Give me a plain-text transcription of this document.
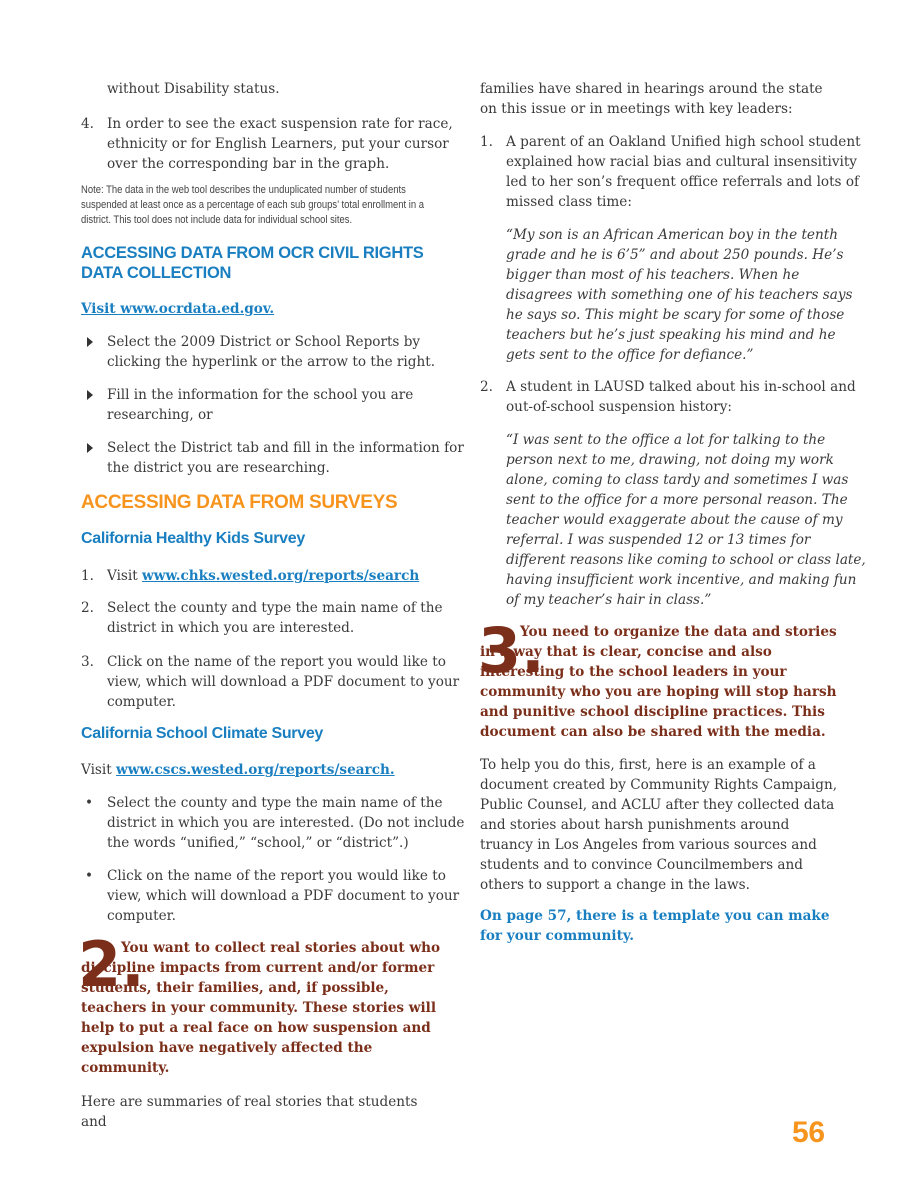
without Disability status.
4. In order to see the exact suspension rate for race, ethnicity or for English Learners, put your cursor over the corresponding bar in the graph.
Note: The data in the web tool describes the unduplicated number of students suspended at least once as a percentage of each sub groups’ total enrollment in a district. This tool does not include data for individual school sites.
ACCESSING DATA FROM OCR CIVIL RIGHTS DATA COLLECTION
Visit www.ocrdata.ed.gov.
Select the 2009 District or School Reports by clicking the hyperlink or the arrow to the right.
Fill in the information for the school you are researching, or
Select the District tab and fill in the information for the district you are researching.
ACCESSING DATA FROM SURVEYS
California Healthy Kids Survey
1. Visit www.chks.wested.org/reports/search
2. Select the county and type the main name of the district in which you are interested.
3. Click on the name of the report you would like to view, which will download a PDF document to your computer.
California School Climate Survey
Visit www.cscs.wested.org/reports/search.
• Select the county and type the main name of the district in which you are interested. (Do not include the words “unified,” “school,” or “district”.)
• Click on the name of the report you would like to view, which will download a PDF document to your computer.
2.
You want to collect real stories about who discipline impacts from current and/or former students, their families, and, if possible, teachers in your community. These stories will help to put a real face on how suspension and expulsion have negatively affected the community.
Here are summaries of real stories that students and
families have shared in hearings around the state on this issue or in meetings with key leaders:
1. A parent of an Oakland Unified high school student explained how racial bias and cultural insensitivity led to her son’s frequent office referrals and lots of missed class time:
“My son is an African American boy in the tenth grade and he is 6’5” and about 250 pounds. He’s bigger than most of his teachers. When he disagrees with something one of his teachers says he says so. This might be scary for some of those teachers but he’s just speaking his mind and he gets sent to the office for defiance.”
2. A student in LAUSD talked about his in-school and out-of-school suspension history:
“I was sent to the office a lot for talking to the person next to me, drawing, not doing my work alone, coming to class tardy and sometimes I was sent to the office for a more personal reason. The teacher would exaggerate about the cause of my referral. I was suspended 12 or 13 times for different reasons like coming to school or class late, having insufficient work incentive, and making fun of my teacher’s hair in class.”
3.
You need to organize the data and stories in a way that is clear, concise and also interesting to the school leaders in your community who you are hoping will stop harsh and punitive school discipline practices. This document can also be shared with the media.
To help you do this, first, here is an example of a document created by Community Rights Campaign, Public Counsel, and ACLU after they collected data and stories about harsh punishments around truancy in Los Angeles from various sources and students and to convince Councilmembers and others to support a change in the laws.
On page 57, there is a template you can make for your community.
56
